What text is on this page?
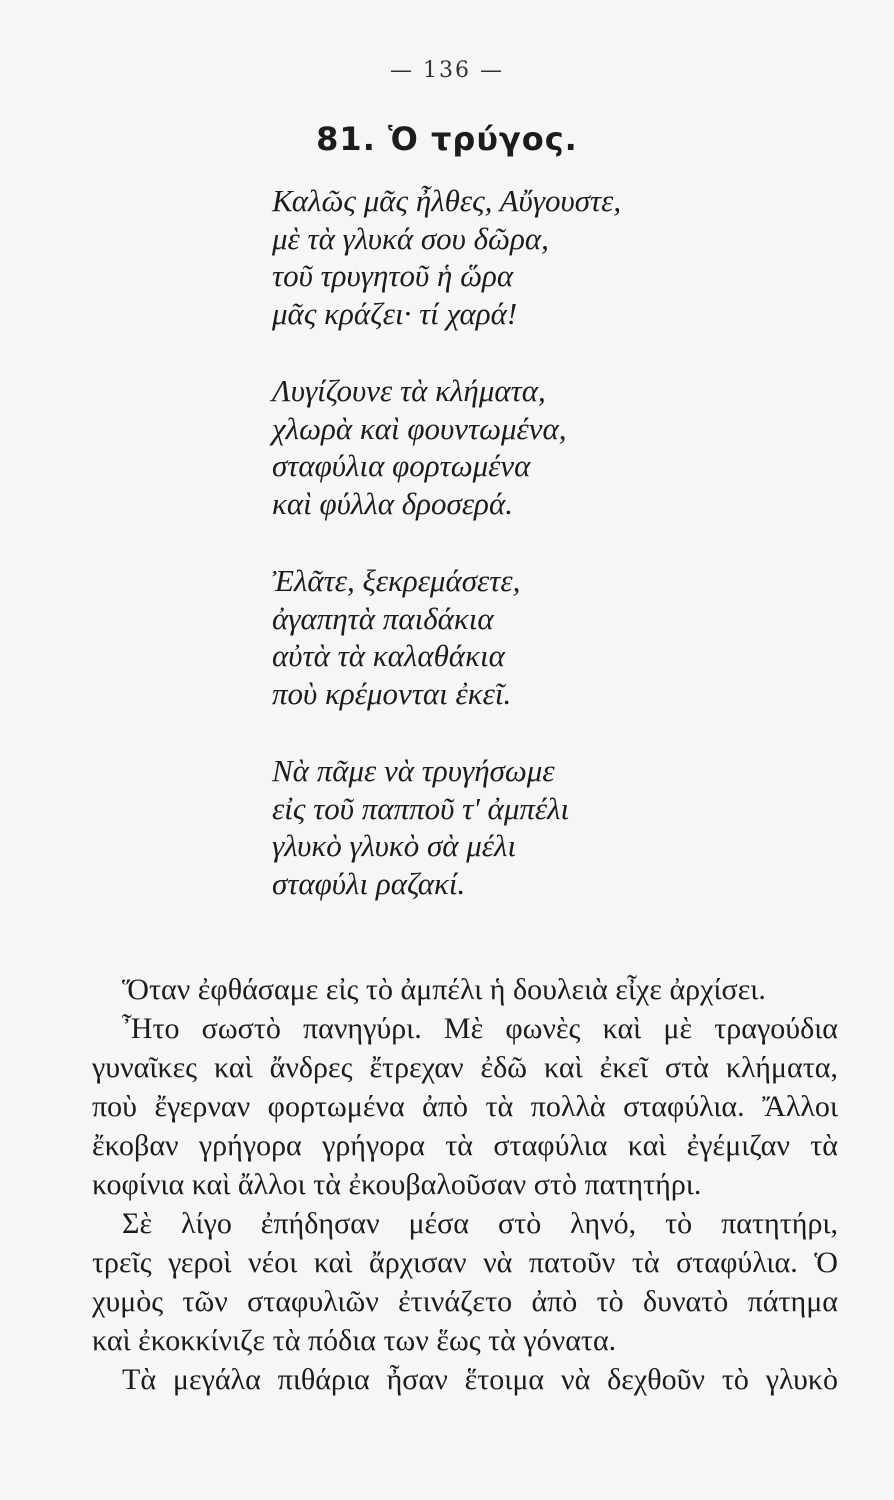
— 136 —
81. Ὁ τρύγος.
Καλῶς μᾶς ἦλθες, Αὔγουστε,
μὲ τὰ γλυκά σου δῶρα,
τοῦ τρυγητοῦ ἡ ὥρα
μᾶς κράζει· τί χαρά!
Λυγίζουνε τὰ κλήματα,
χλωρὰ καὶ φουντωμένα,
σταφύλια φορτωμένα
καὶ φύλλα δροσερά.
Ἐλᾶτε, ξεκρεμάσετε,
ἀγαπητὰ παιδάκια
αὐτὰ τὰ καλαθάκια
ποὺ κρέμονται ἐκεῖ.
Νὰ πᾶμε νὰ τρυγήσωμε
εἰς τοῦ παπποῦ τ' ἀμπέλι
γλυκὸ γλυκὸ σὰ μέλι
σταφύλι ραζακί.
Ὅταν ἐφθάσαμε εἰς τὸ ἀμπέλι ἡ δουλειὰ εἶχε ἀρχίσει.
Ἦτο σωστὸ πανηγύρι. Μὲ φωνὲς καὶ μὲ τραγούδια
γυναῖκες καὶ ἄνδρες ἔτρεχαν ἐδῶ καὶ ἐκεῖ στὰ κλήματα,
ποὺ ἔγερναν φορτωμένα ἀπὸ τὰ πολλὰ σταφύλια. Ἄλλοι
ἔκοβαν γρήγορα γρήγορα τὰ σταφύλια καὶ ἐγέμιζαν τὰ
κοφίνια καὶ ἄλλοι τὰ ἐκουβαλοῦσαν στὸ πατητήρι.
Σὲ λίγο ἐπήδησαν μέσα στὸ ληνό, τὸ πατητήρι,
τρεῖς γεροὶ νέοι καὶ ἄρχισαν νὰ πατοῦν τὰ σταφύλια. Ὁ
χυμὸς τῶν σταφυλιῶν ἐτινάζετο ἀπὸ τὸ δυνατὸ πάτημα
καὶ ἐκοκκίνιζε τὰ πόδια των ἕως τὰ γόνατα.
Τὰ μεγάλα πιθάρια ἦσαν ἕτοιμα νὰ δεχθοῦν τὸ γλυκὸ
